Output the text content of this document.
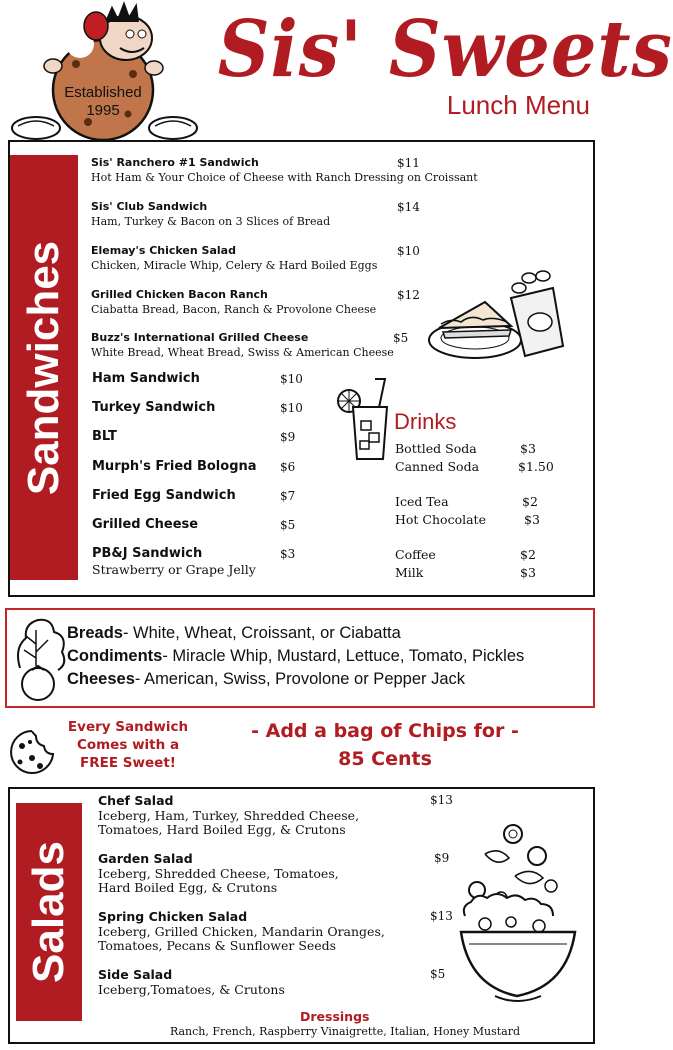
Established
1995
Sis' Sweets
Lunch Menu
Sandwiches
Sis' Ranchero #1 Sandwich	$11
Hot Ham & Your Choice of Cheese with Ranch Dressing on Croissant
Sis' Club Sandwich	$14
Ham, Turkey & Bacon on 3 Slices of Bread
Elemay's Chicken Salad	$10
Chicken, Miracle Whip, Celery & Hard Boiled Eggs
Grilled Chicken Bacon Ranch	$12
Ciabatta Bread, Bacon, Ranch & Provolone Cheese
Buzz's International Grilled Cheese	$5
White Bread, Wheat Bread, Swiss & American Cheese
Ham Sandwich	$10
Turkey Sandwich	$10
BLT	$9
Murph's Fried Bologna $6
Fried Egg Sandwich	$7
Grilled Cheese	$5
PB&J Sandwich	$3
Strawberry or Grape Jelly
Drinks
Bottled Soda	$3
Canned Soda	$1.50
Iced Tea	$2
Hot Chocolate	$3
Coffee	$2
Milk	$3
Breads- White, Wheat, Croissant, or Ciabatta
Condiments- Miracle Whip, Mustard, Lettuce, Tomato, Pickles
Cheeses- American, Swiss, Provolone or Pepper Jack
Every Sandwich
Comes with a
FREE Sweet!
- Add a bag of Chips for -
85 Cents
Salads
Chef Salad	$13
Iceberg, Ham, Turkey, Shredded Cheese,
Tomatoes, Hard Boiled Egg, & Crutons
Garden Salad	$9
Iceberg, Shredded Cheese, Tomatoes,
Hard Boiled Egg, & Crutons
Spring Chicken Salad	$13
Iceberg, Grilled Chicken, Mandarin Oranges,
Tomatoes, Pecans & Sunflower Seeds
Side Salad	$5
Iceberg,Tomatoes, & Crutons
Dressings
Ranch, French, Raspberry Vinaigrette, Italian, Honey Mustard
